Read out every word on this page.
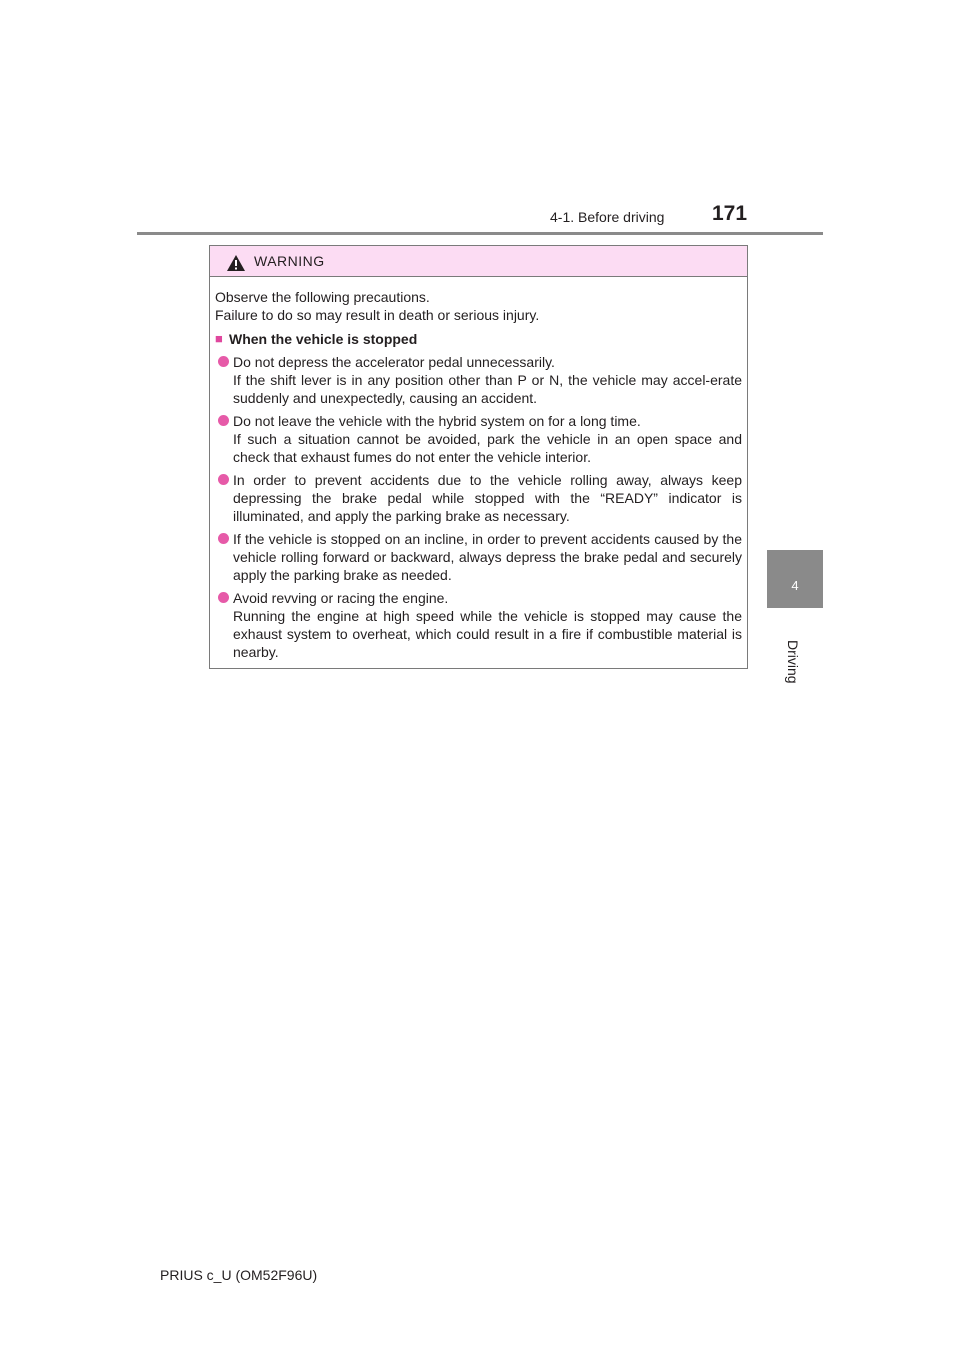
4-1. Before driving 171
4
Driving
WARNING
Observe the following precautions.
Failure to do so may result in death or serious injury.
■ When the vehicle is stopped
Do not depress the accelerator pedal unnecessarily.
If the shift lever is in any position other than P or N, the vehicle may accel-erate suddenly and unexpectedly, causing an accident.
Do not leave the vehicle with the hybrid system on for a long time.
If such a situation cannot be avoided, park the vehicle in an open space and check that exhaust fumes do not enter the vehicle interior.
In order to prevent accidents due to the vehicle rolling away, always keep depressing the brake pedal while stopped with the “READY” indicator is illuminated, and apply the parking brake as necessary.
If the vehicle is stopped on an incline, in order to prevent accidents caused by the vehicle rolling forward or backward, always depress the brake pedal and securely apply the parking brake as needed.
Avoid revving or racing the engine.
Running the engine at high speed while the vehicle is stopped may cause the exhaust system to overheat, which could result in a fire if combustible material is nearby.
PRIUS c_U (OM52F96U)
